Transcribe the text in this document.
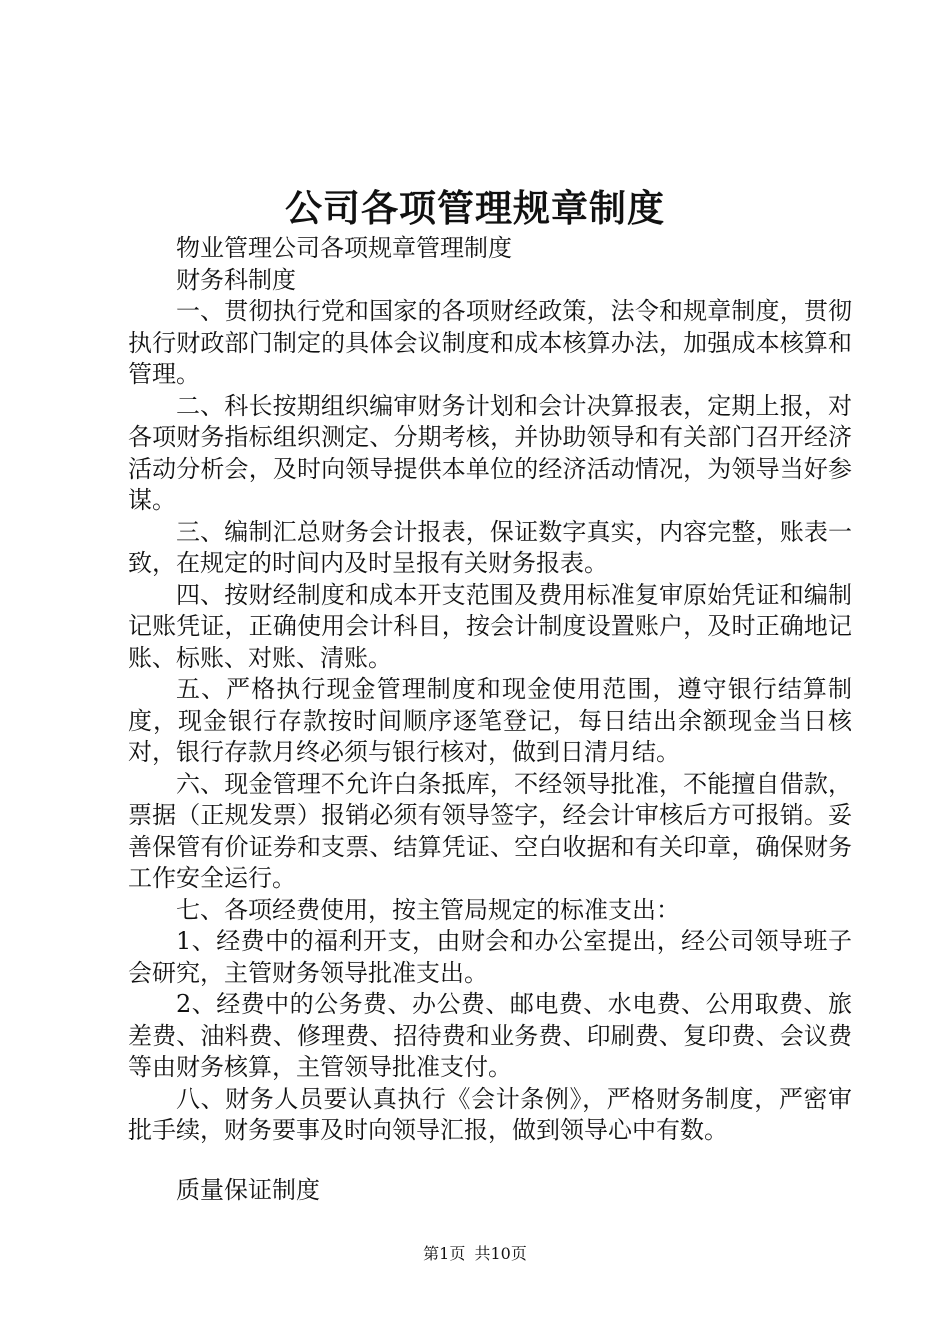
公司各项管理规章制度

物业管理公司各项规章管理制度

财务科制度

一、贯彻执行党和国家的各项财经政策，法令和规章制度，贯彻执行财政部门制定的具体会议制度和成本核算办法，加强成本核算和管理。

二、科长按期组织编审财务计划和会计决算报表，定期上报，对各项财务指标组织测定、分期考核，并协助领导和有关部门召开经济活动分析会，及时向领导提供本单位的经济活动情况，为领导当好参谋。

三、编制汇总财务会计报表，保证数字真实，内容完整，账表一致，在规定的时间内及时呈报有关财务报表。

四、按财经制度和成本开支范围及费用标准复审原始凭证和编制记账凭证，正确使用会计科目，按会计制度设置账户，及时正确地记账、标账、对账、清账。

五、严格执行现金管理制度和现金使用范围，遵守银行结算制度，现金银行存款按时间顺序逐笔登记，每日结出余额现金当日核对，银行存款月终必须与银行核对，做到日清月结。

六、现金管理不允许白条抵库，不经领导批准，不能擅自借款，票据（正规发票）报销必须有领导签字，经会计审核后方可报销。妥善保管有价证券和支票、结算凭证、空白收据和有关印章，确保财务工作安全运行。

七、各项经费使用，按主管局规定的标准支出：

1、经费中的福利开支，由财会和办公室提出，经公司领导班子会研究，主管财务领导批准支出。

2、经费中的公务费、办公费、邮电费、水电费、公用取费、旅差费、油料费、修理费、招待费和业务费、印刷费、复印费、会议费等由财务核算，主管领导批准支付。

八、财务人员要认真执行《会计条例》，严格财务制度，严密审批手续，财务要事及时向领导汇报，做到领导心中有数。

质量保证制度

第1页 共10页
